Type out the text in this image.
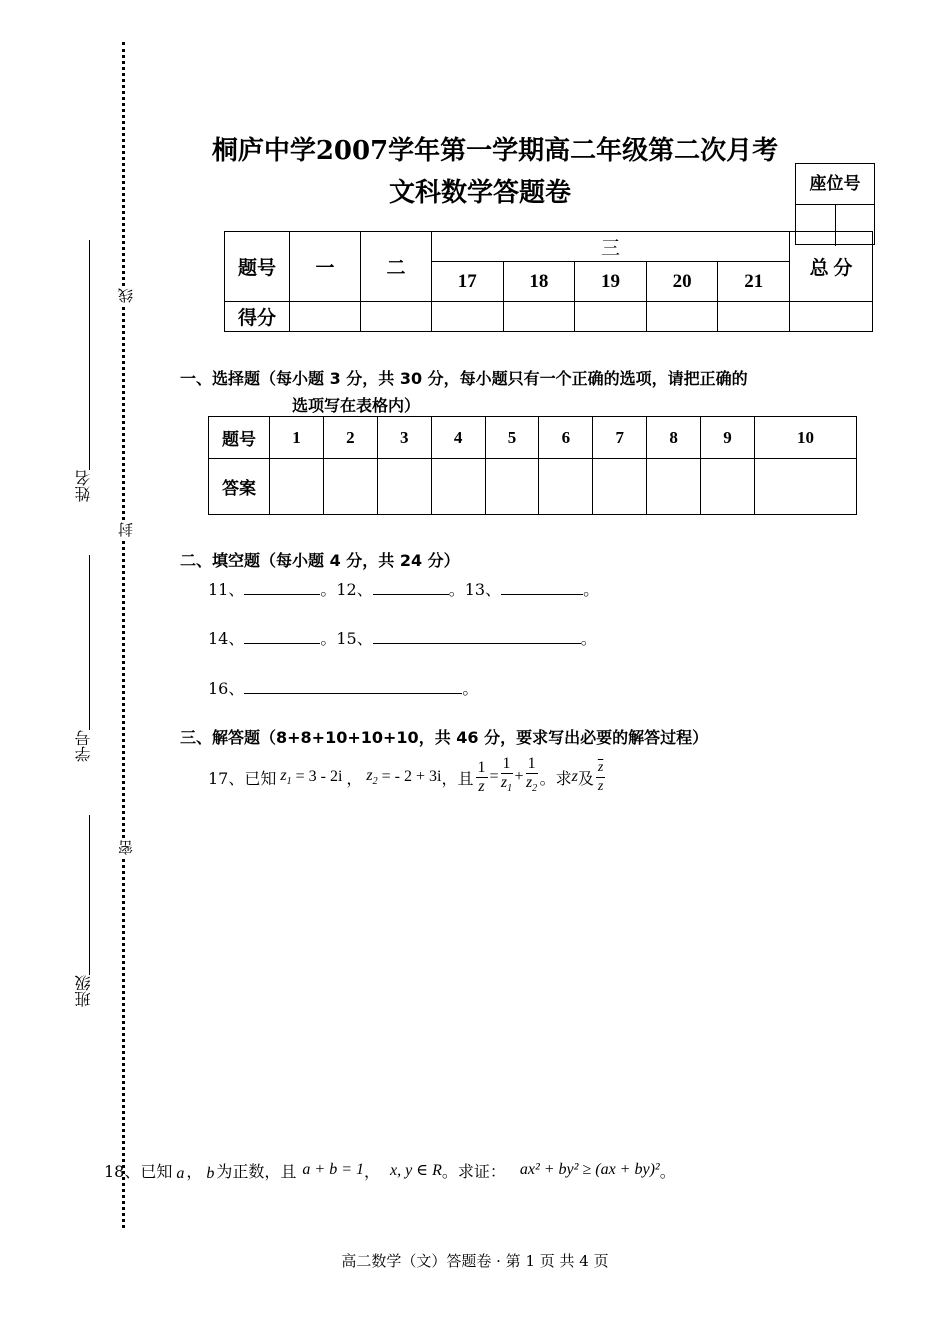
姓名
学号
班级
线
封
密
桐庐中学2007学年第一学期高二年级第二次月考
文科数学答题卷	座位号
题号	一	二	三					总 分
			17	18	19	20	21	
得分								
一、选择题（每小题 3 分，共 30 分，每小题只有一个正确的选项，请把正确的
选项写在表格内）
题号	1	2	3	4	5	6	7	8	9	10
答案										
二、填空题（每小题 4 分，共 24 分）
11、	。12、	。13、	。
14、	。15、	。
16、	。
三、解答题（8+8+10+10+10，共 46 分，要求写出必要的解答过程）
17、已知 $z_1 = 3 - 2i$ ， $z_2$ = - 2 + 3i ，且 $\frac{1}{z} = \frac{1}{z_1} + \frac{1}{z_2}$ 。求 z 及 $\frac{\overline{z}}{z}$
18、已知 a ， b 为正数，且 a + b = 1 ， x, y ∈ R 。求证： ax² + by² ≥ (ax + by)² 。
高二数学（文）答题卷 · 第 1 页 共 4 页
